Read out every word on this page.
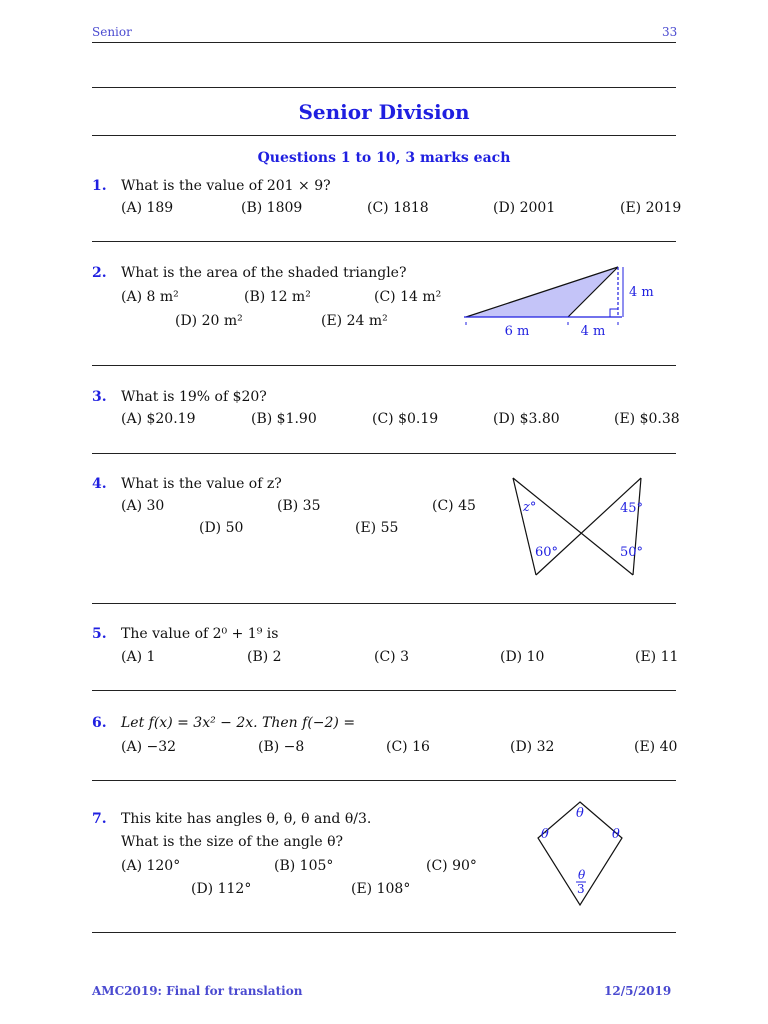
Senior	33
Senior Division
Questions 1 to 10, 3 marks each
1. What is the value of 201 × 9?
(A) 189	(B) 1809	(C) 1818	(D) 2001	(E) 2019
2. What is the area of the shaded triangle?
(A) 8 m²	(B) 12 m²	(C) 14 m²
(D) 20 m²	(E) 24 m²
6 m	4 m
4 m
3. What is 19% of $20?
(A) $20.19	(B) $1.90	(C) $0.19	(D) $3.80	(E) $0.38
4. What is the value of z?
(A) 30	(B) 35	(C) 45
(D) 50	(E) 55
z°	45°
60°	50°
5. The value of 2⁰ + 1⁹ is
(A) 1	(B) 2	(C) 3	(D) 10	(E) 11
6. Let f(x) = 3x² − 2x. Then f(−2) =
(A) −32	(B) −8	(C) 16	(D) 32	(E) 40
7. This kite has angles θ, θ, θ and θ/3.
What is the size of the angle θ?
(A) 120°	(B) 105°	(C) 90°
(D) 112°	(E) 108°
θ
θ	θ
θ
3
AMC2019: Final for translation	12/5/2019
